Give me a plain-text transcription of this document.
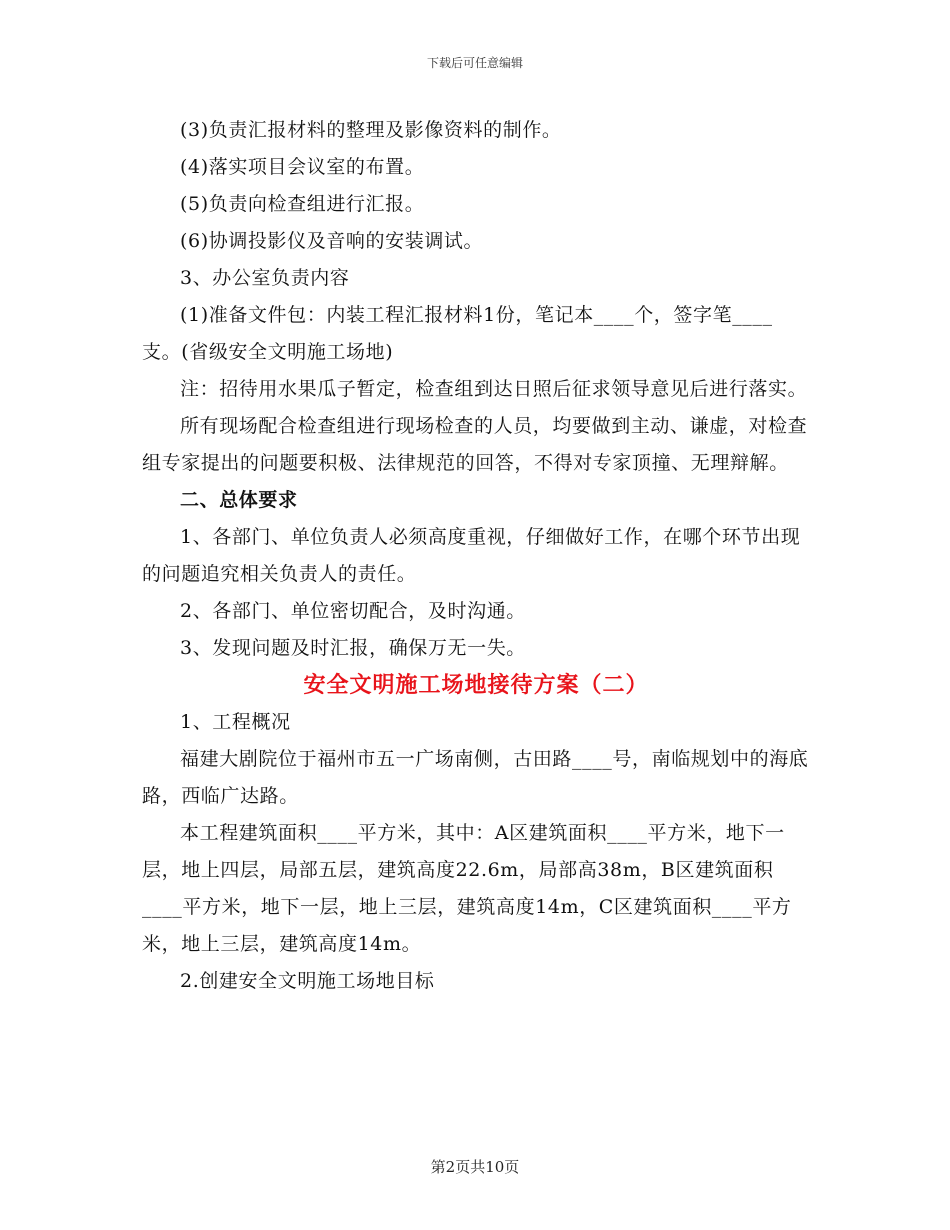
下载后可任意编辑

(3)负责汇报材料的整理及影像资料的制作。

(4)落实项目会议室的布置。

(5)负责向检查组进行汇报。

(6)协调投影仪及音响的安装调试。

3、办公室负责内容

(1)准备文件包：内装工程汇报材料1份，笔记本____个，签字笔____支。(省级安全文明施工场地)

注：招待用水果瓜子暂定，检查组到达日照后征求领导意见后进行落实。

所有现场配合检查组进行现场检查的人员，均要做到主动、谦虚，对检查组专家提出的问题要积极、法律规范的回答，不得对专家顶撞、无理辩解。

二、总体要求

1、各部门、单位负责人必须高度重视，仔细做好工作，在哪个环节出现的问题追究相关负责人的责任。

2、各部门、单位密切配合，及时沟通。

3、发现问题及时汇报，确保万无一失。

安全文明施工场地接待方案（二）

1、工程概况

福建大剧院位于福州市五一广场南侧，古田路____号，南临规划中的海底路，西临广达路。

本工程建筑面积____平方米，其中：A区建筑面积____平方米，地下一层，地上四层，局部五层，建筑高度22.6m，局部高38m，B区建筑面积____平方米，地下一层，地上三层，建筑高度14m，C区建筑面积____平方米，地上三层，建筑高度14m。

2.创建安全文明施工场地目标

第2页共10页
